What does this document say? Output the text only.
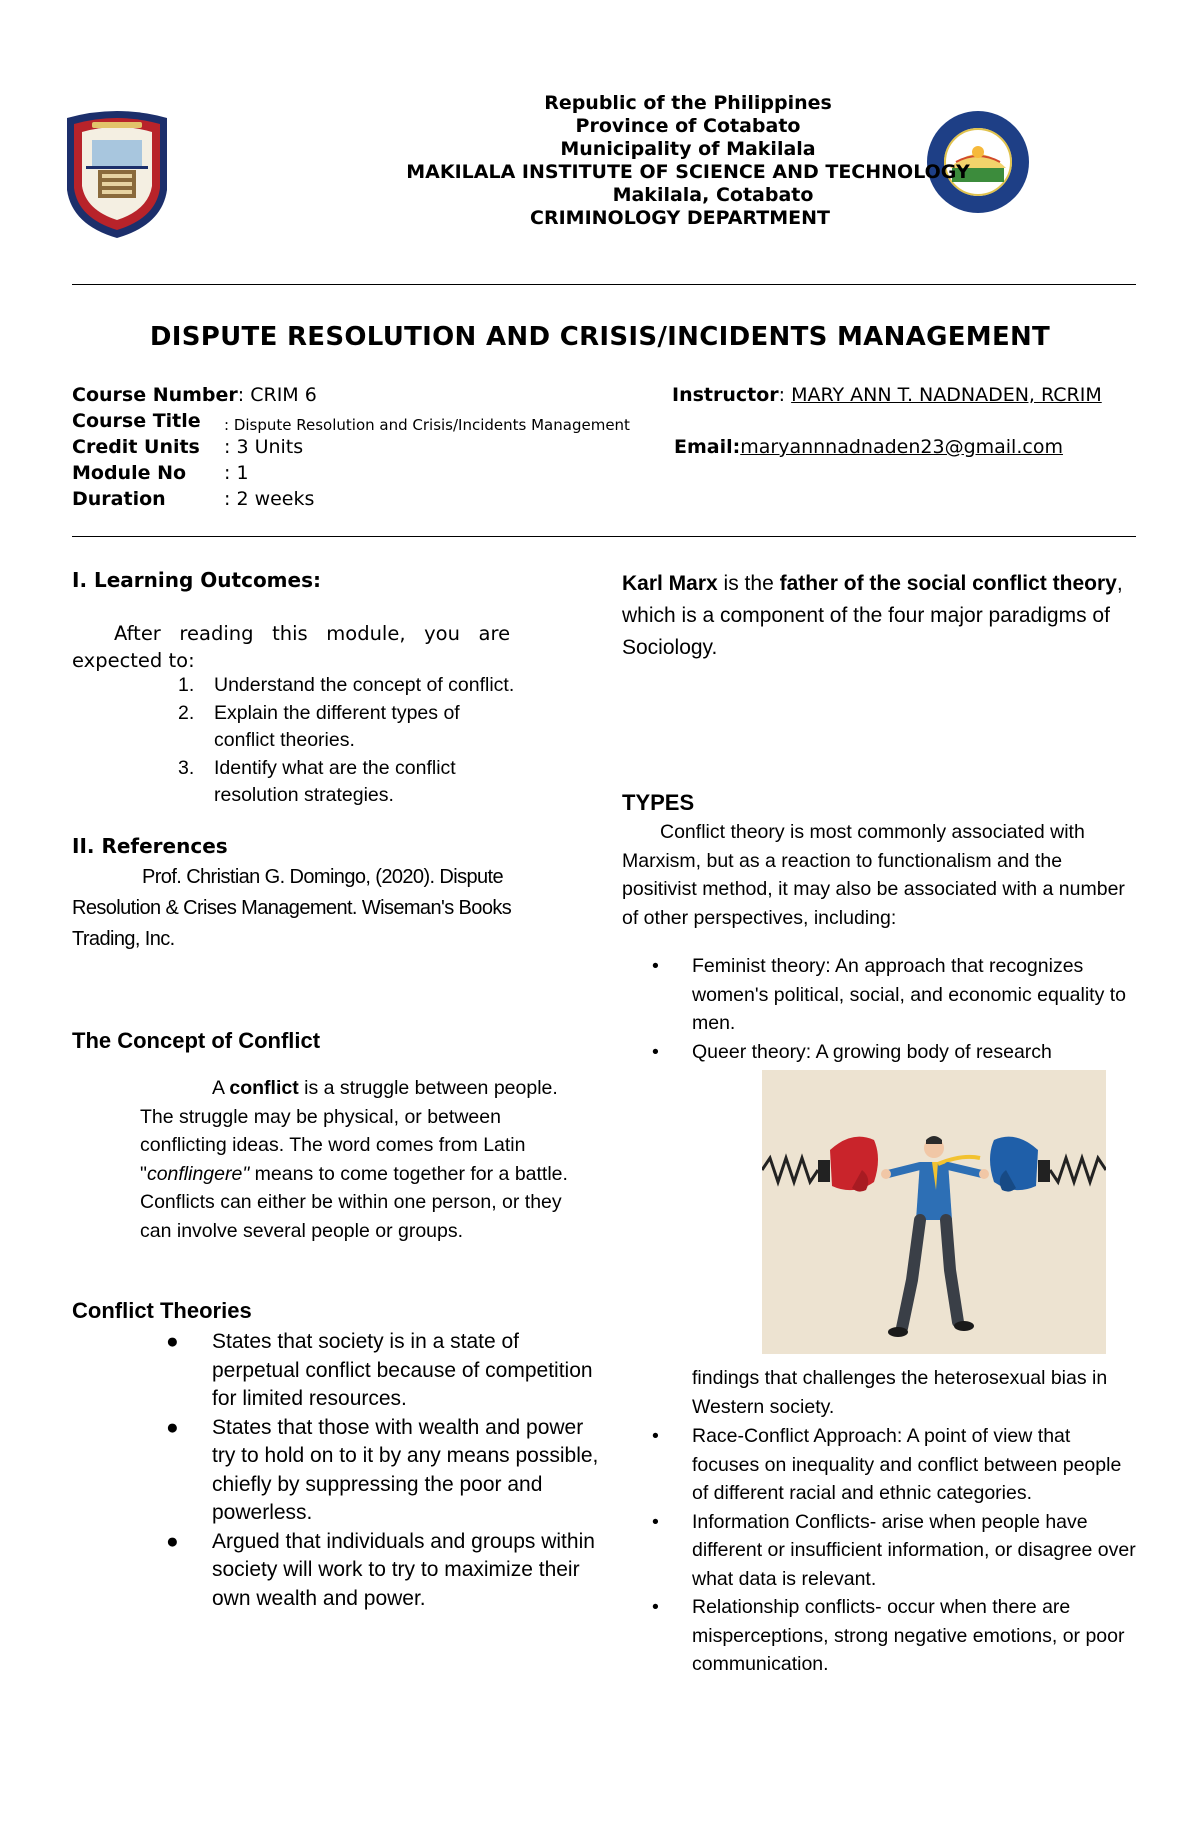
Republic of the Philippines
Province of Cotabato
Municipality of Makilala
MAKILALA INSTITUTE OF SCIENCE AND TECHNOLOGY
Makilala, Cotabato
CRIMINOLOGY DEPARTMENT
DISPUTE RESOLUTION AND CRISIS/INCIDENTS MANAGEMENT
Course Number: CRIM 6
Course Title : Dispute Resolution and Crisis/Incidents Management
Credit Units : 3 Units
Module No : 1
Duration	: 2 weeks
Instructor: MARY ANN T. NADNADEN, RCRIM
Email:maryannnadnaden23@gmail.com
I. Learning Outcomes:
After   reading   this   module,   you   are
expected to:
1. Understand the concept of conflict.
2. Explain the different types of conflict theories.
3. Identify what are the conflict resolution strategies.
II. References
Prof. Christian G. Domingo, (2020). Dispute Resolution & Crises Management. Wiseman's Books Trading, Inc.
The Concept of Conflict
A conflict is a struggle between people. The struggle may be physical, or between conflicting ideas. The word comes from Latin "conflingere" means to come together for a battle. Conflicts can either be within one person, or they can involve several people or groups.
Conflict Theories
● States that society is in a state of perpetual conflict because of competition for limited resources.
● States that those with wealth and power try to hold on to it by any means possible, chiefly by suppressing the poor and powerless.
● Argued that individuals and groups within society will work to try to maximize their own wealth and power.
Karl Marx is the father of the social conflict theory, which is a component of the four major paradigms of Sociology.
TYPES
Conflict theory is most commonly associated with Marxism, but as a reaction to functionalism and the positivist method, it may also be associated with a number of other perspectives, including:
• Feminist theory: An approach that recognizes women's political, social, and economic equality to men.
• Queer theory: A growing body of research
findings that challenges the heterosexual bias in Western society.
• Race-Conflict Approach: A point of view that focuses on inequality and conflict between people of different racial and ethnic categories.
• Information Conflicts- arise when people have different or insufficient information, or disagree over what data is relevant.
• Relationship conflicts- occur when there are misperceptions, strong negative emotions, or poor communication.
